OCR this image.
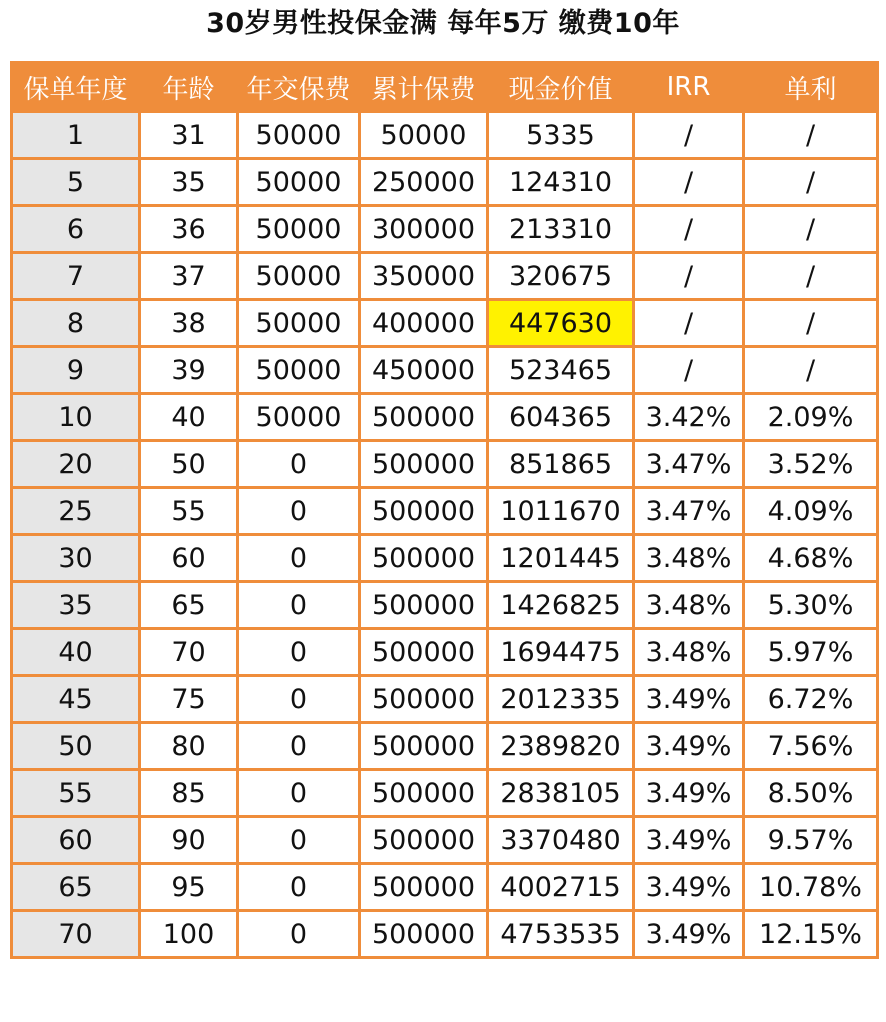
30岁男性投保金满 每年5万 缴费10年
保单年度	年龄	年交保费	累计保费	现金价值	IRR	单利
1	31	50000	50000	5335	/	/
5	35	50000	250000	124310	/	/
6	36	50000	300000	213310	/	/
7	37	50000	350000	320675	/	/
8	38	50000	400000	447630	/	/
9	39	50000	450000	523465	/	/
10	40	50000	500000	604365	3.42%	2.09%
20	50	0	500000	851865	3.47%	3.52%
25	55	0	500000	1011670	3.47%	4.09%
30	60	0	500000	1201445	3.48%	4.68%
35	65	0	500000	1426825	3.48%	5.30%
40	70	0	500000	1694475	3.48%	5.97%
45	75	0	500000	2012335	3.49%	6.72%
50	80	0	500000	2389820	3.49%	7.56%
55	85	0	500000	2838105	3.49%	8.50%
60	90	0	500000	3370480	3.49%	9.57%
65	95	0	500000	4002715	3.49%	10.78%
70	100	0	500000	4753535	3.49%	12.15%
